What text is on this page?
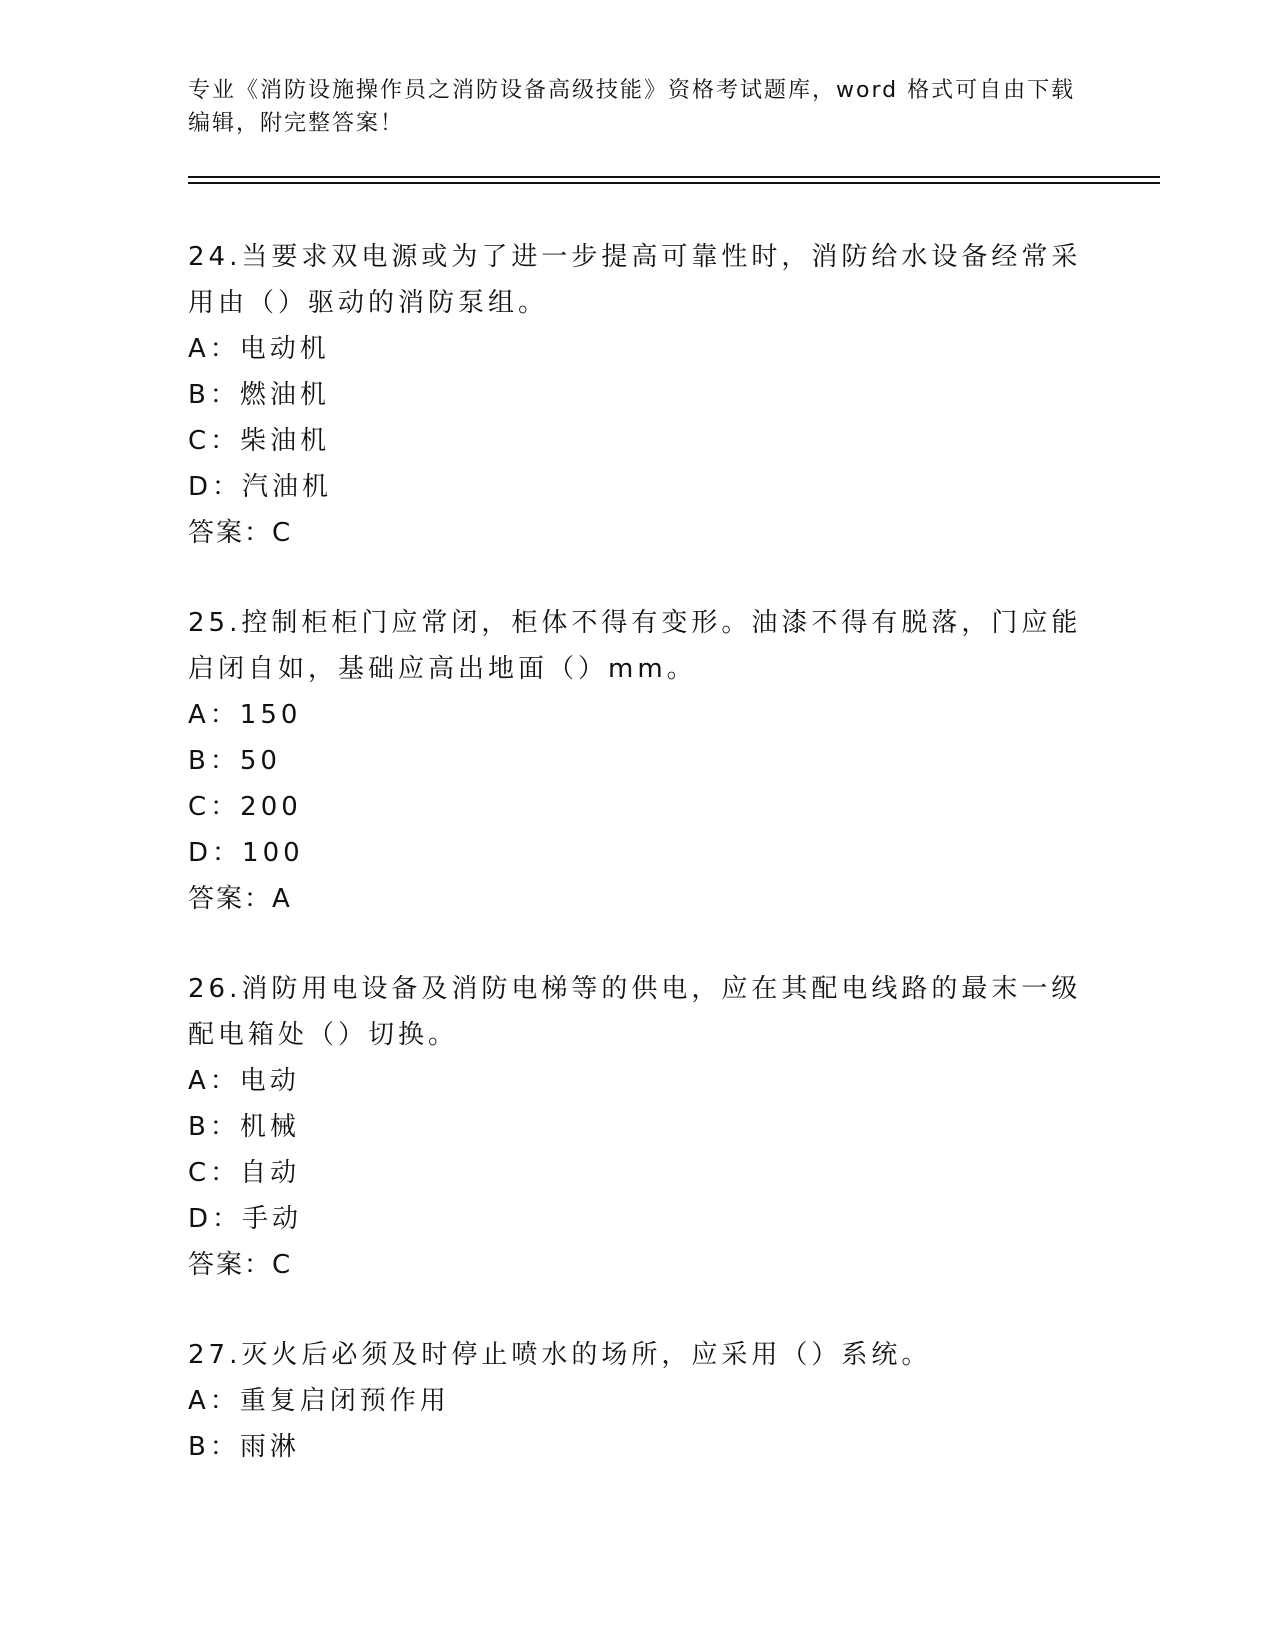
专业《消防设施操作员之消防设备高级技能》资格考试题库，word 格式可自由下载编辑，附完整答案！

24.当要求双电源或为了进一步提高可靠性时，消防给水设备经常采用由（）驱动的消防泵组。

A：电动机

B：燃油机

C：柴油机

D：汽油机

答案：C

25.控制柜柜门应常闭，柜体不得有变形。油漆不得有脱落，门应能启闭自如，基础应高出地面（）mm。

A：150

B：50

C：200

D：100

答案：A

26.消防用电设备及消防电梯等的供电，应在其配电线路的最末一级配电箱处（）切换。

A：电动

B：机械

C：自动

D：手动

答案：C

27.灭火后必须及时停止喷水的场所，应采用（）系统。

A：重复启闭预作用

B：雨淋
